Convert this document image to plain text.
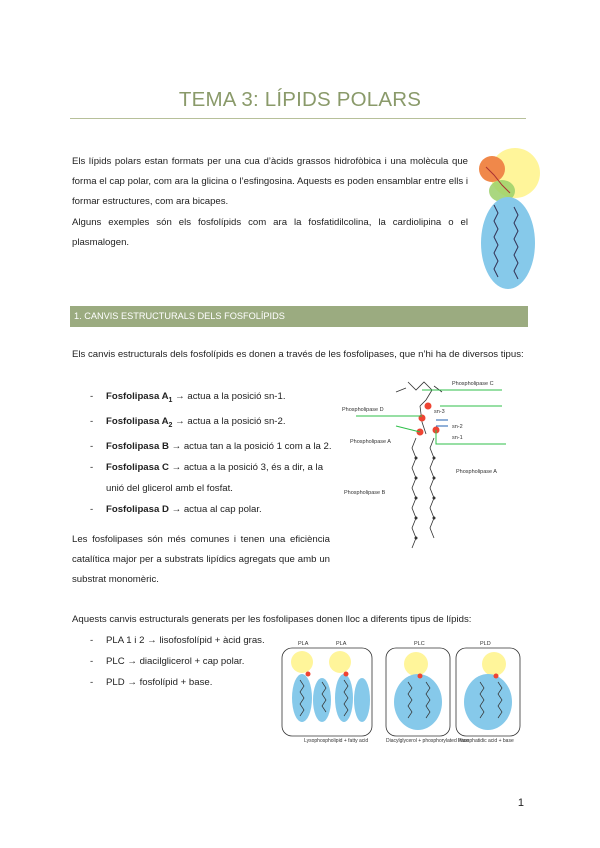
TEMA 3: LÍPIDS POLARS
Els lípids polars estan formats per una cua d’àcids grassos hidrofòbica i una molècula que forma el cap polar, com ara la glicina o l’esfingosina. Aquests es poden ensamblar entre ells i formar estructures, com ara bicapes.
Alguns exemples són els fosfolípids com ara la fosfatidilcolina, la cardiolipina o el plasmalogen.
1. CANVIS ESTRUCTURALS DELS FOSFOLÍPIDS
Els canvis estructurals dels fosfolípids es donen a través de les fosfolipases, que n’hi ha de diversos tipus:
- Fosfolipasa $A_1$ → actua a la posició sn-1.
- Fosfolipasa $A_2$ → actua a la posició sn-2.
- Fosfolipasa B → actua tan a la posició 1 com a la 2.
- Fosfolipasa C → actua a la posició 3, és a dir, a la unió del glicerol amb el fosfat.
- Fosfolipasa D → actua al cap polar.
Les fosfolipases són més comunes i tenen una eficiència catalítica major per a substrats lipídics agregats que amb un substrat monomèric.
Phospholipase C
Phospholipase D
Phospholipase A
sn-3
sn-2
sn-1
Phospholipase B
Phospholipase A
Aquests canvis estructurals generats per les fosfolipases donen lloc a diferents tipus de lípids:
- PLA 1 i 2 → lisofosfolípid + àcid gras.
- PLC → diacilglicerol + cap polar.
- PLD → fosfolípid + base.
PLA	PLA	PLC	PLD
Lysophospholipid + fatty acid	Diacylglycerol + phosphorylated base
Phosphatidic acid + base
1
